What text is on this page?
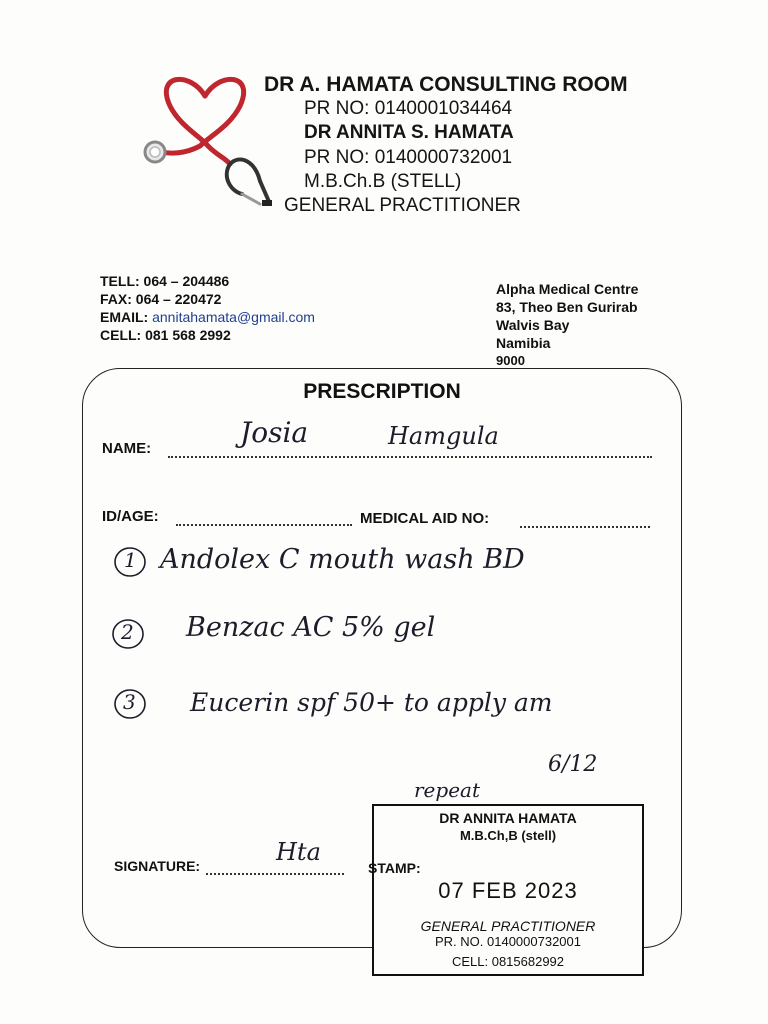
DR A. HAMATA CONSULTING ROOM
PR NO: 0140001034464
DR ANNITA S. HAMATA
PR NO: 0140000732001
M.B.Ch.B (STELL)
GENERAL PRACTITIONER
TELL: 064 – 204486
FAX: 064 – 220472
EMAIL: annitahamata@gmail.com
CELL: 081 568 2992
Alpha Medical Centre
83, Theo Ben Gurirab
Walvis Bay
Namibia
9000
PRESCRIPTION
NAME:	Josia	Hamgula
ID/AGE:	MEDICAL AID NO:
1 Andolex C mouth wash BD
2 Benzac AC 5% gel
3 Eucerin spf 50+ to apply am
6/12
repeat
SIGNATURE:	Hta
STAMP:
DR ANNITA HAMATA
M.B.Ch,B (stell)
07 FEB 2023
GENERAL PRACTITIONER
PR. NO. 0140000732001
CELL: 0815682992
